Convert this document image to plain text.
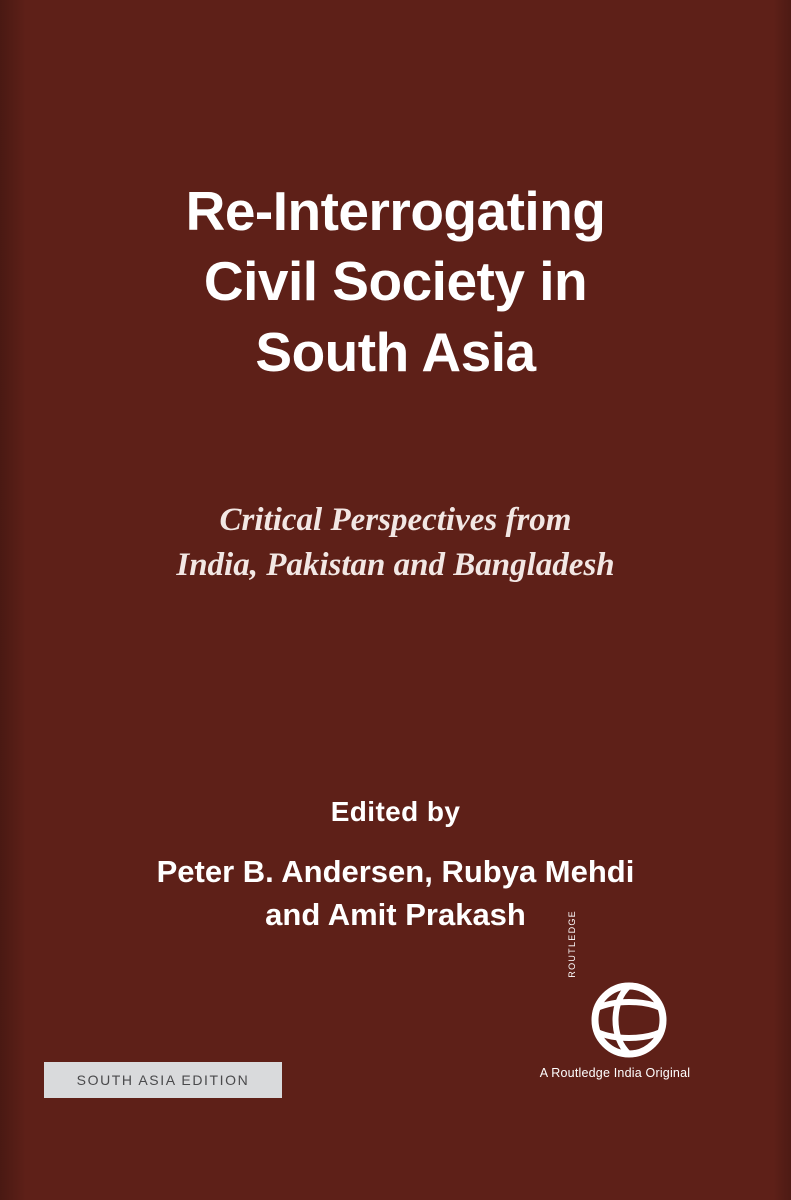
Re-Interrogating
Civil Society in
South Asia
Critical Perspectives from
India, Pakistan and Bangladesh
Edited by
Peter B. Andersen, Rubya Mehdi
and Amit Prakash
SOUTH ASIA EDITION
ROUTLEDGE
A Routledge India Original
